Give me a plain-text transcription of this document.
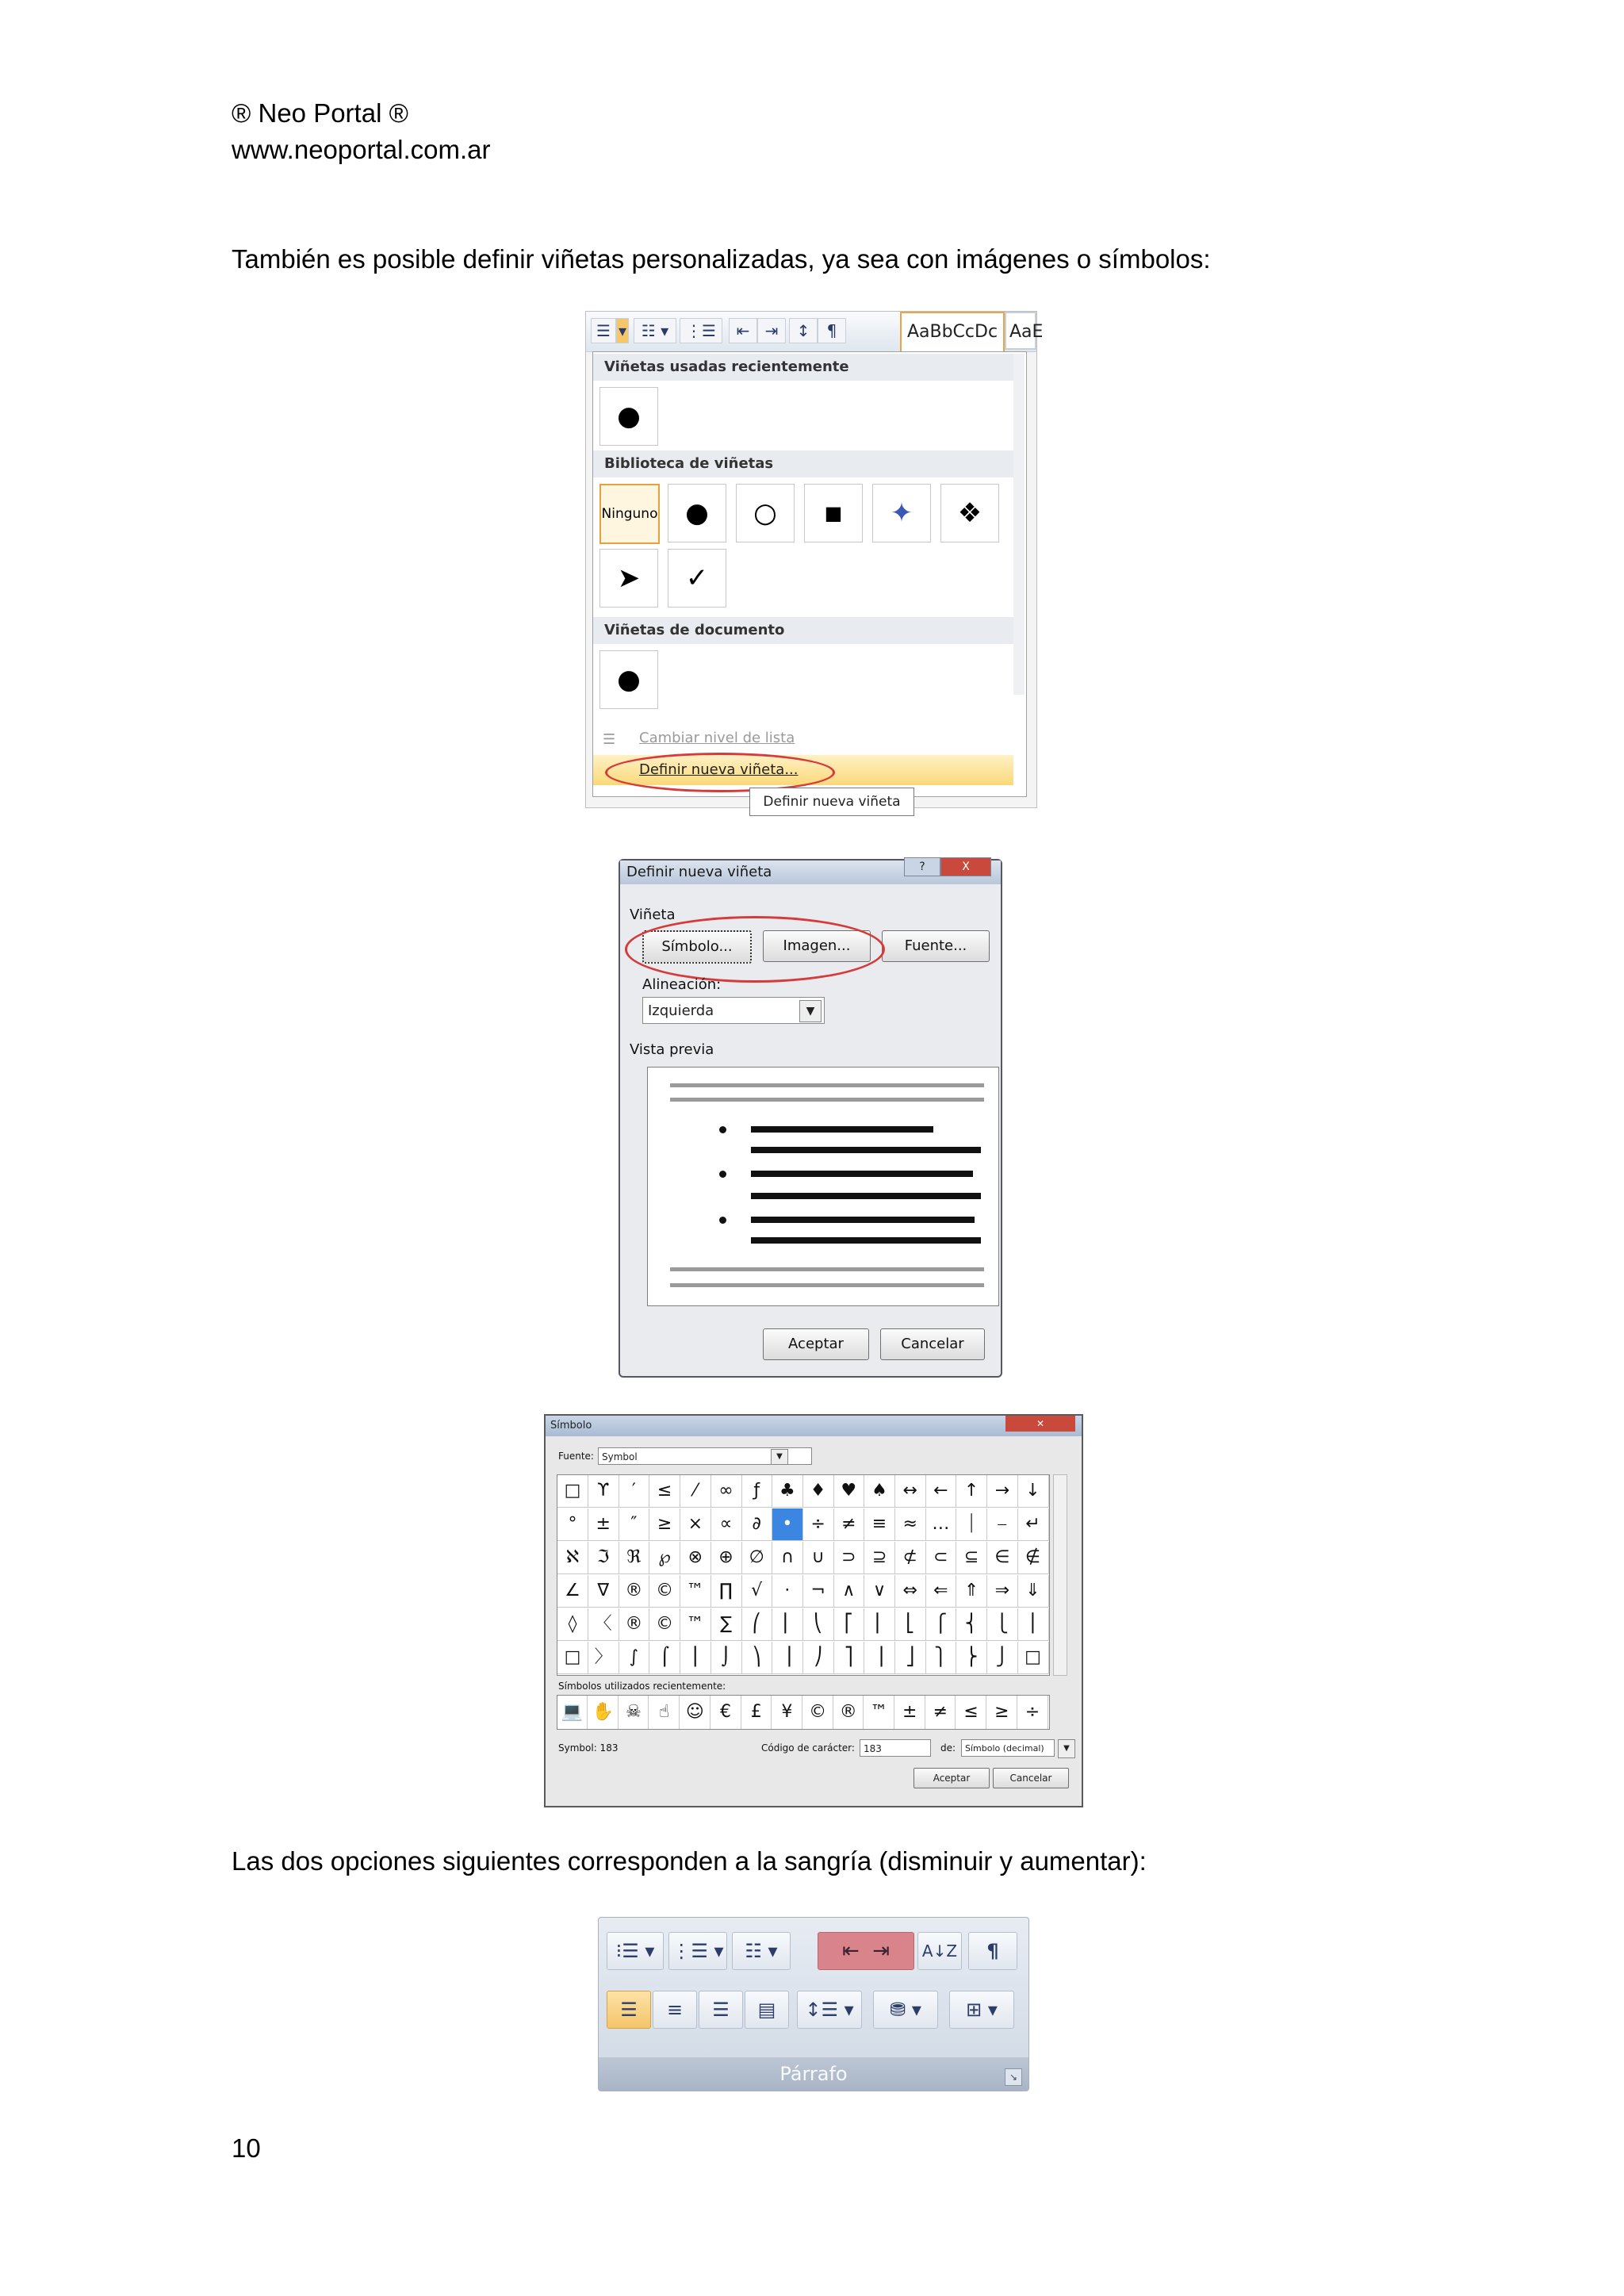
® Neo Portal ®
www.neoportal.com.ar
También es posible definir viñetas personalizadas, ya sea con imágenes o símbolos:
☰ ▾ ☷ ▾	⋮☰	⇤ ⇥	↕	¶	AaBbCcDc AaE
Viñetas usadas recientemente
●
Biblioteca de viñetas
Ninguno	●	○	■	✦	❖
➤	✓
Viñetas de documento
●
Cambiar nivel de lista
☰
Definir nueva viñeta...
Definir nueva viñeta
Definir nueva viñeta	?	X
Viñeta
Símbolo...	Imagen...	Fuente...
Alineación:
Izquierda	▼
Vista previa
Aceptar	Cancelar
Símbolo	✕
Fuente: Symbol	▼
□ ϒ	′	≤	⁄	∞	ƒ	♣ ♦ ♥ ♠ ↔ ← ↑ → ↓
°	±	″	≥ × ∝	∂	•	÷ ≠ ≡ ≈ … ⏐	⎯	↵
ℵ	ℑ	ℜ	℘ ⊗ ⊕ ∅ ∩	∪ ⊃ ⊇ ⊄ ⊂ ⊆ ∈ ∉
∠ ∇ ® © ™ ∏	√	⋅	¬ ∧	∨ ⇔ ⇐ ⇑ ⇒ ⇓
◊	〈 ® © ™ ∑	⎛	⎜	⎝	⎡	⎢	⎣	⎧	⎨	⎩	⎪
□ 〉 ∫	⌠	⎮	⌡	⎞	⎟	⎠	⎤	⎥	⎦	⎫	⎬	⎭ □
Símbolos utilizados recientemente:
💻 ✋ ☠	☝ ☺ €	£	¥ © ® ™ ± ≠ ≤ ≥ ÷
Symbol: 183	Código de carácter: 183	de:	Símbolo (decimal)	▼
Aceptar	Cancelar
Las dos opciones siguientes corresponden a la sangría (disminuir y aumentar):
⁝☰ ▾ ⋮☰ ▾	☷ ▾	⇤ ⇥	A↓Z	¶
☰	≡	☰	▤	↕☰ ▾	⛃ ▾	⊞ ▾
Párrafo	↘
10
